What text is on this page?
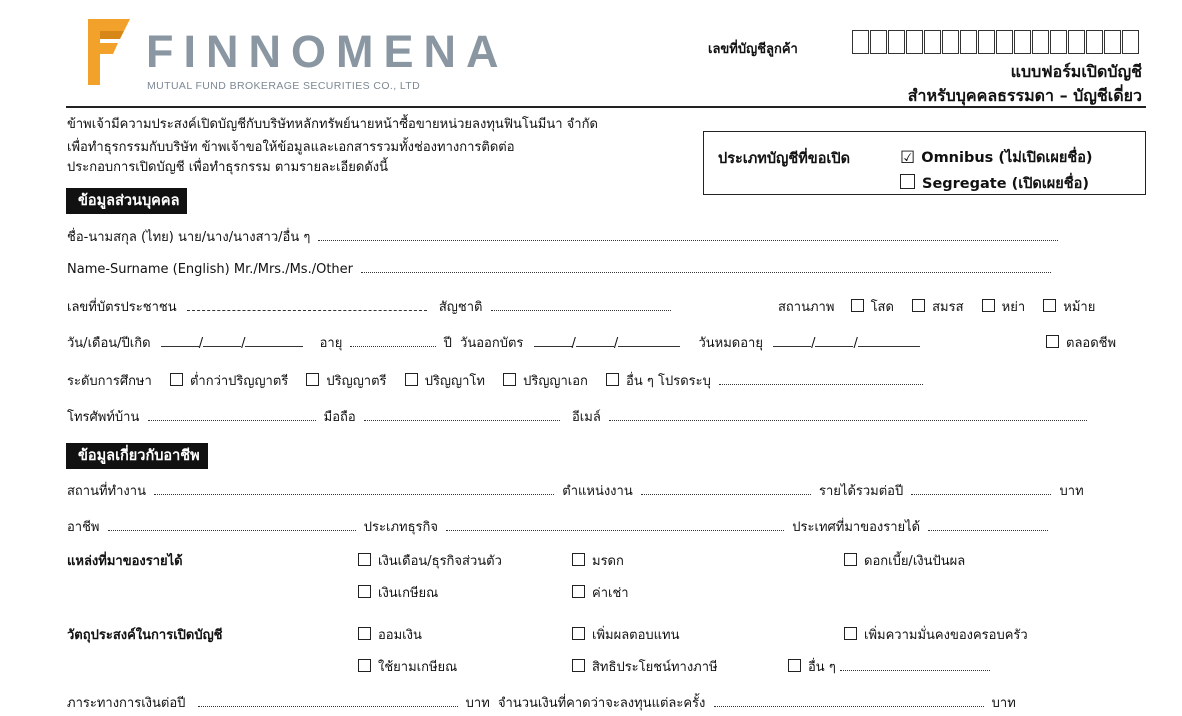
FINNOMENA
MUTUAL FUND BROKERAGE SECURITIES CO., LTD
เลขที่บัญชีลูกค้า
แบบฟอร์มเปิดบัญชี
สำหรับบุคคลธรรมดา – บัญชีเดี่ยว
ข้าพเจ้ามีความประสงค์เปิดบัญชีกับบริษัทหลักทรัพย์นายหน้าซื้อขายหน่วยลงทุนฟินโนมีนา จำกัด
เพื่อทำธุรกรรมกับบริษัท ข้าพเจ้าขอให้ข้อมูลและเอกสารรวมทั้งช่องทางการติดต่อ
ประกอบการเปิดบัญชี เพื่อทำธุรกรรม ตามรายละเอียดดังนี้
ประเภทบัญชีที่ขอเปิด	☑ Omnibus (ไม่เปิดเผยชื่อ)
Segregate (เปิดเผยชื่อ)
ข้อมูลส่วนบุคคล
ชื่อ-นามสกุล (ไทย) นาย/นาง/นางสาว/อื่น ๆ
Name-Surname (English) Mr./Mrs./Ms./Other
เลขที่บัตรประชาชน	สัญชาติ	สถานภาพ	โสด	สมรส	หย่า	หม้าย
วัน/เดือน/ปีเกิด	/	/	อายุ	ปี วันออกบัตร	/	/	วันหมดอายุ	/	/	ตลอดชีพ
ระดับการศึกษา	ต่ำกว่าปริญญาตรี	ปริญญาตรี	ปริญญาโท	ปริญญาเอก	อื่น ๆ โปรดระบุ
โทรศัพท์บ้าน	มือถือ	อีเมล์
ข้อมูลเกี่ยวกับอาชีพ
สถานที่ทำงาน	ตำแหน่งงาน	รายได้รวมต่อปี	บาท
อาชีพ	ประเภทธุรกิจ	ประเทศที่มาของรายได้
แหล่งที่มาของรายได้	เงินเดือน/ธุรกิจส่วนตัว	มรดก	ดอกเบี้ย/เงินปันผล
เงินเกษียณ	ค่าเช่า
วัตถุประสงค์ในการเปิดบัญชี	ออมเงิน	เพิ่มผลตอบแทน	เพิ่มความมั่นคงของครอบครัว
ใช้ยามเกษียณ	สิทธิประโยชน์ทางภาษี	อื่น ๆ
ภาระทางการเงินต่อปี	บาท จำนวนเงินที่คาดว่าจะลงทุนแต่ละครั้ง	บาท
